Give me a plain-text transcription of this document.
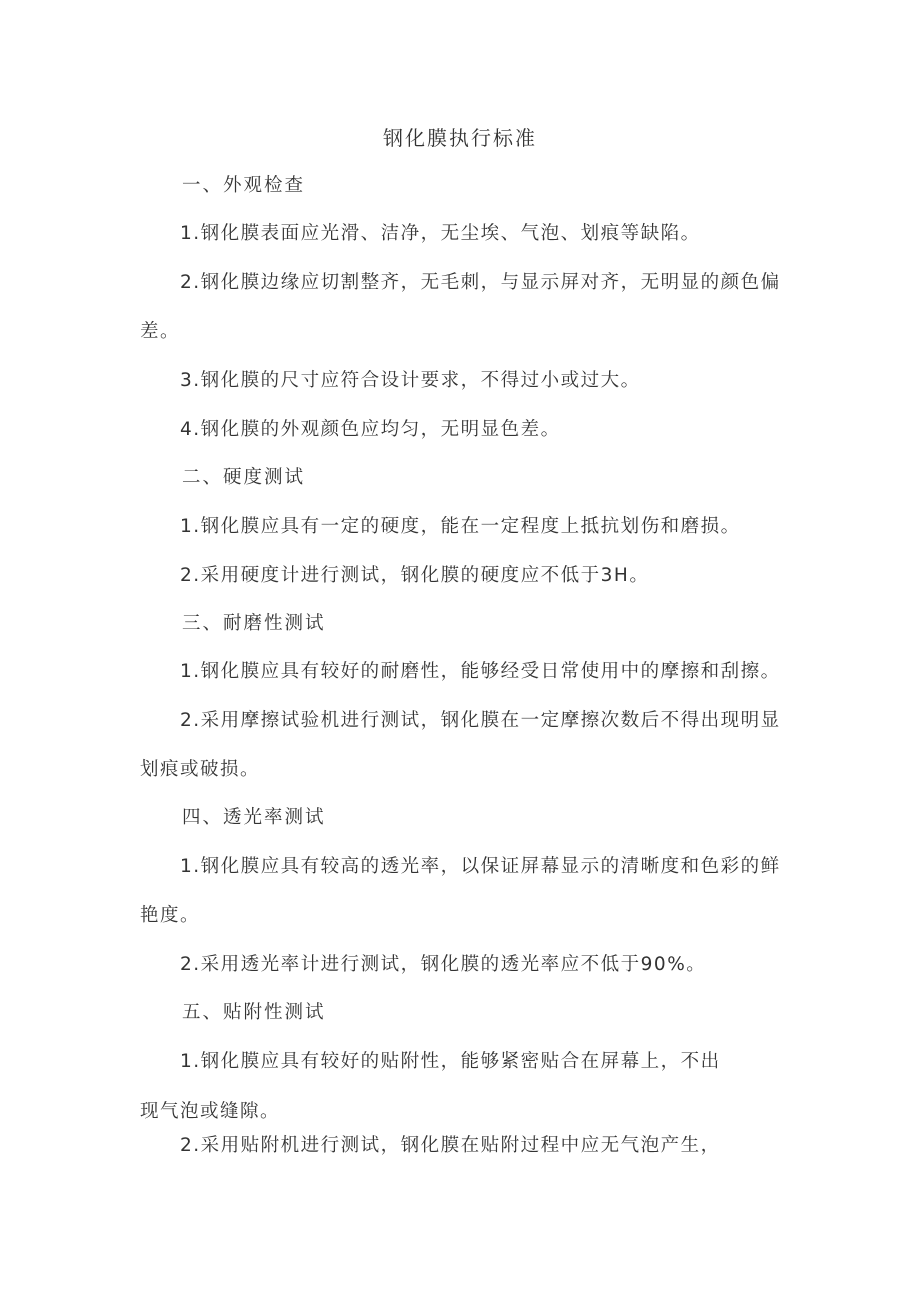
钢化膜执行标准
一、外观检查
1.钢化膜表面应光滑、洁净，无尘埃、气泡、划痕等缺陷。
2.钢化膜边缘应切割整齐，无毛刺，与显示屏对齐，无明显的颜色偏
差。
3.钢化膜的尺寸应符合设计要求，不得过小或过大。
4.钢化膜的外观颜色应均匀，无明显色差。
二、硬度测试
1.钢化膜应具有一定的硬度，能在一定程度上抵抗划伤和磨损。
2.采用硬度计进行测试，钢化膜的硬度应不低于3H。
三、耐磨性测试
1.钢化膜应具有较好的耐磨性，能够经受日常使用中的摩擦和刮擦。
2.采用摩擦试验机进行测试，钢化膜在一定摩擦次数后不得出现明显
划痕或破损。
四、透光率测试
1.钢化膜应具有较高的透光率，以保证屏幕显示的清晰度和色彩的鲜
艳度。
2.采用透光率计进行测试，钢化膜的透光率应不低于90%。
五、贴附性测试
1.钢化膜应具有较好的贴附性，能够紧密贴合在屏幕上，不出
现气泡或缝隙。
2.采用贴附机进行测试，钢化膜在贴附过程中应无气泡产生，
